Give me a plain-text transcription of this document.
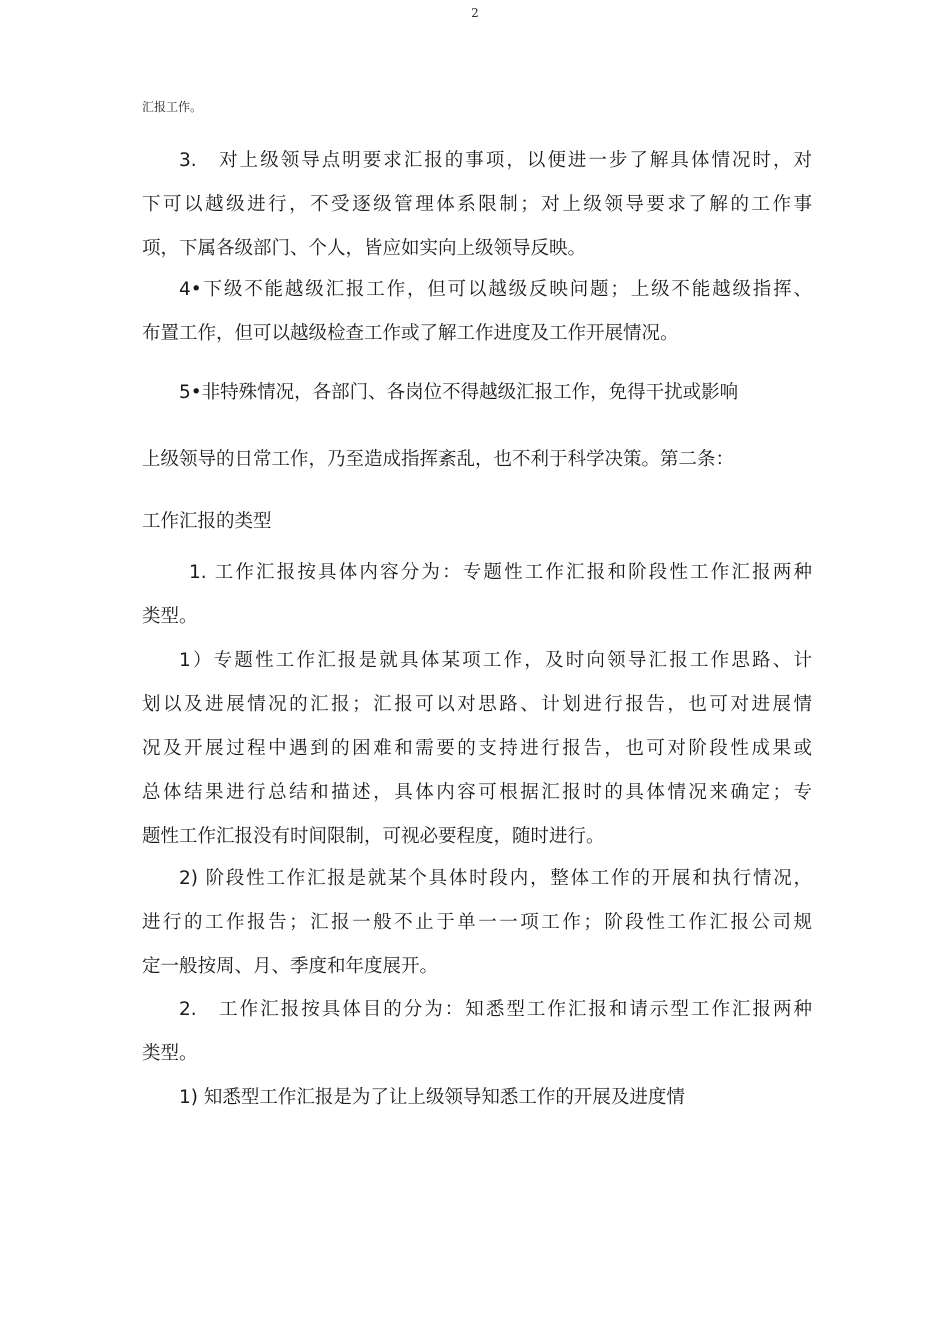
2
汇报工作。
3.　对上级领导点明要求汇报的事项，以便进一步了解具体情况时，对
下可以越级进行，不受逐级管理体系限制；对上级领导要求了解的工作事
项，下属各级部门、个人，皆应如实向上级领导反映。
4•下级不能越级汇报工作，但可以越级反映问题；上级不能越级指挥、
布置工作，但可以越级检查工作或了解工作进度及工作开展情况。
5•非特殊情况，各部门、各岗位不得越级汇报工作，免得干扰或影响
上级领导的日常工作，乃至造成指挥紊乱，也不利于科学决策。第二条：
工作汇报的类型
1. 工作汇报按具体内容分为：专题性工作汇报和阶段性工作汇报两种
类型。
1）专题性工作汇报是就具体某项工作，及时向领导汇报工作思路、计
划以及进展情况的汇报；汇报可以对思路、计划进行报告，也可对进展情
况及开展过程中遇到的困难和需要的支持进行报告，也可对阶段性成果或
总体结果进行总结和描述，具体内容可根据汇报时的具体情况来确定；专
题性工作汇报没有时间限制，可视必要程度，随时进行。
2) 阶段性工作汇报是就某个具体时段内，整体工作的开展和执行情况，
进行的工作报告；汇报一般不止于单一一项工作；阶段性工作汇报公司规
定一般按周、月、季度和年度展开。
2.　工作汇报按具体目的分为：知悉型工作汇报和请示型工作汇报两种
类型。
1) 知悉型工作汇报是为了让上级领导知悉工作的开展及进度情
